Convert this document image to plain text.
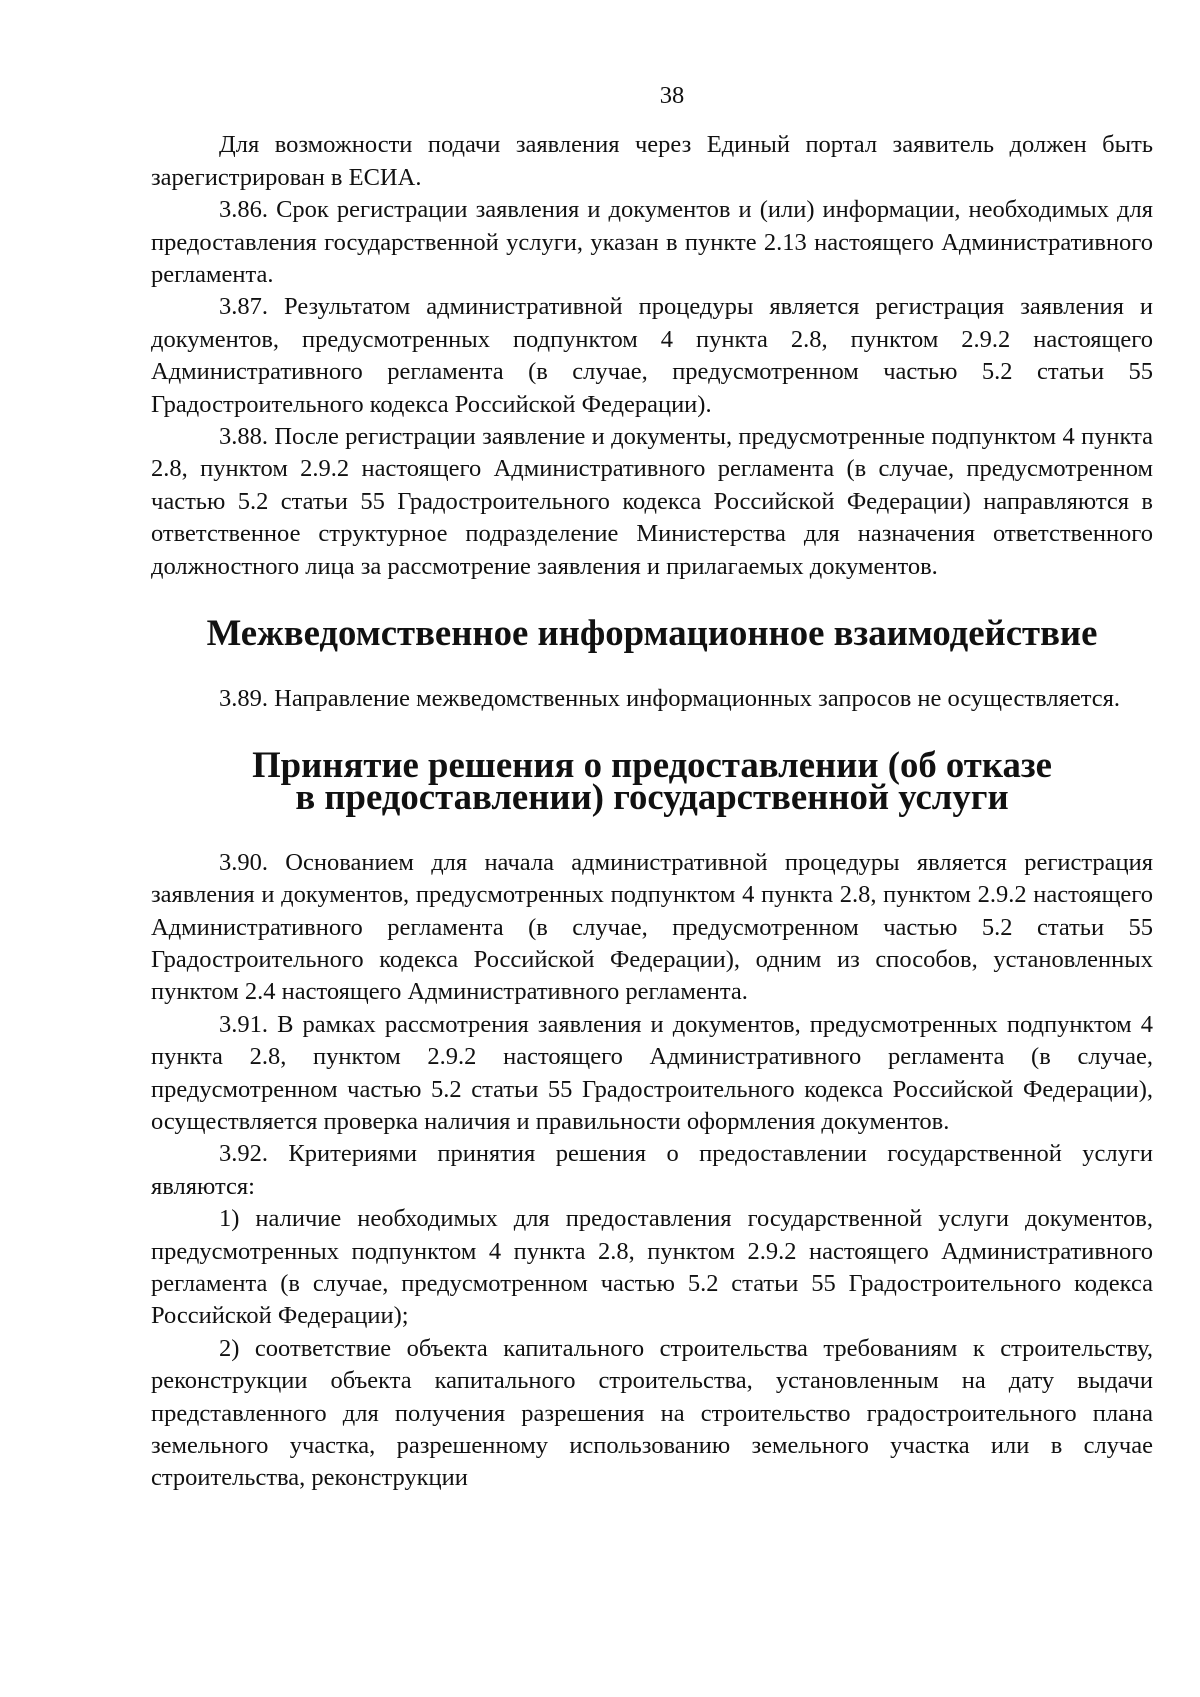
38

Для возможности подачи заявления через Единый портал заявитель должен быть зарегистрирован в ЕСИА.

3.86. Срок регистрации заявления и документов и (или) информации, необходимых для предоставления государственной услуги, указан в пункте 2.13 настоящего Административного регламента.

3.87. Результатом административной процедуры является регистрация заявления и документов, предусмотренных подпунктом 4 пункта 2.8, пунктом 2.9.2 настоящего Административного регламента (в случае, предусмотренном частью 5.2 статьи 55 Градостроительного кодекса Российской Федерации).

3.88. После регистрации заявление и документы, предусмотренные подпунктом 4 пункта 2.8, пунктом 2.9.2 настоящего Административного регламента (в случае, предусмотренном частью 5.2 статьи 55 Градостроительного кодекса Российской Федерации) направляются в ответственное структурное подразделение Министерства для назначения ответственного должностного лица за рассмотрение заявления и прилагаемых документов.

Межведомственное информационное взаимодействие

3.89. Направление межведомственных информационных запросов не осуществляется.

Принятие решения о предоставлении (об отказе
в предоставлении) государственной услуги

3.90. Основанием для начала административной процедуры является регистрация заявления и документов, предусмотренных подпунктом 4 пункта 2.8, пунктом 2.9.2 настоящего Административного регламента (в случае, предусмотренном частью 5.2 статьи 55 Градостроительного кодекса Российской Федерации), одним из способов, установленных пунктом 2.4 настоящего Административного регламента.

3.91. В рамках рассмотрения заявления и документов, предусмотренных подпунктом 4 пункта 2.8, пунктом 2.9.2 настоящего Административного регламента (в случае, предусмотренном частью 5.2 статьи 55 Градостроительного кодекса Российской Федерации), осуществляется проверка наличия и правильности оформления документов.

3.92. Критериями принятия решения о предоставлении государственной услуги являются:

1) наличие необходимых для предоставления государственной услуги документов, предусмотренных подпунктом 4 пункта 2.8, пунктом 2.9.2 настоящего Административного регламента (в случае, предусмотренном частью 5.2 статьи 55 Градостроительного кодекса Российской Федерации);

2) соответствие объекта капитального строительства требованиям к строительству, реконструкции объекта капитального строительства, установленным на дату выдачи представленного для получения разрешения на строительство градостроительного плана земельного участка, разрешенному использованию земельного участка или в случае строительства, реконструкции
